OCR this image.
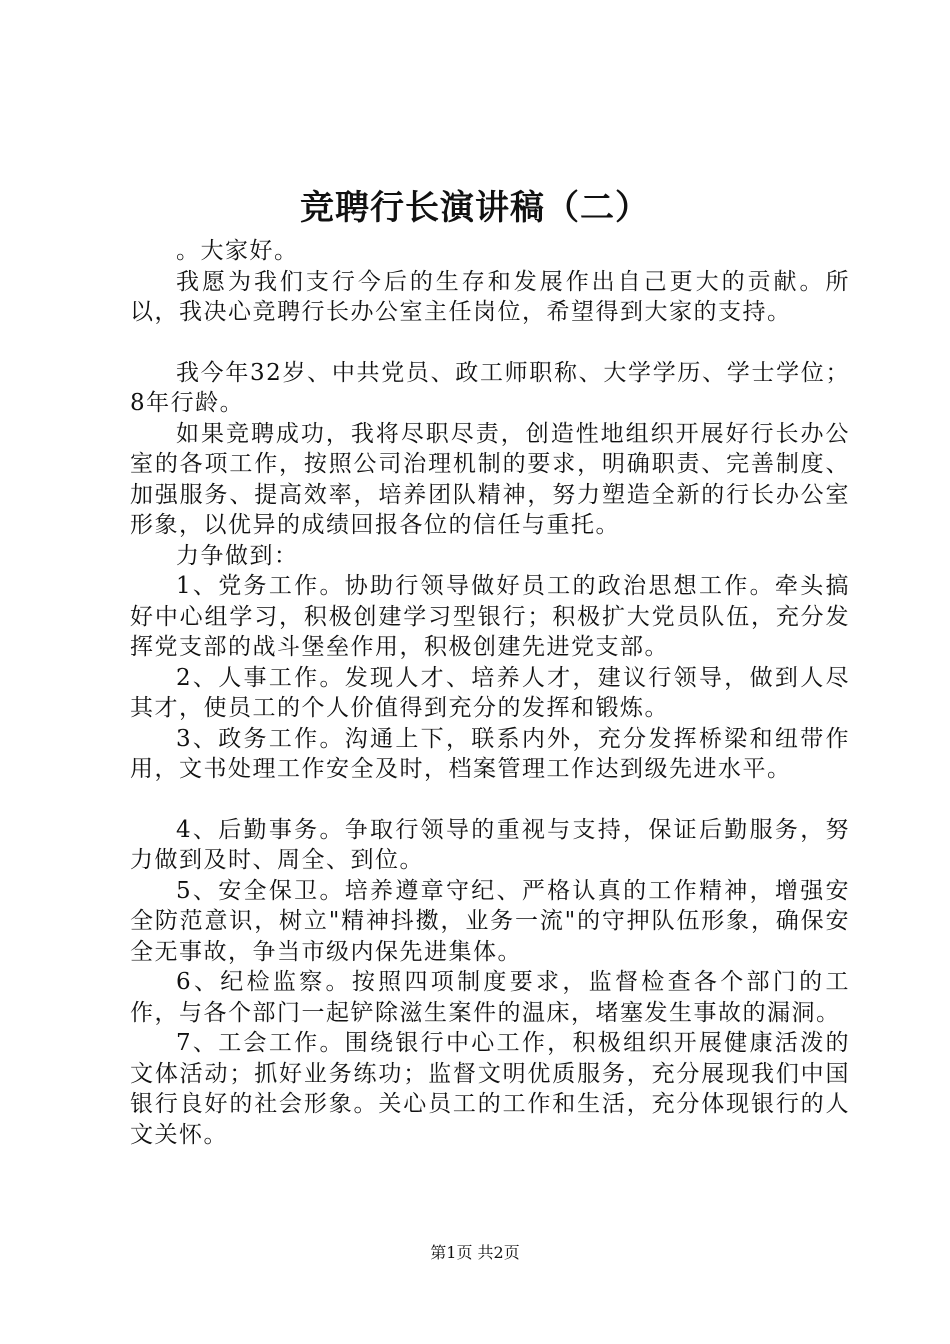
竞聘行长演讲稿（二）

。大家好。

我愿为我们支行今后的生存和发展作出自己更大的贡献。所以，我决心竞聘行长办公室主任岗位，希望得到大家的支持。

我今年32岁、中共党员、政工师职称、大学学历、学士学位；8年行龄。

如果竞聘成功，我将尽职尽责，创造性地组织开展好行长办公室的各项工作，按照公司治理机制的要求，明确职责、完善制度、加强服务、提高效率，培养团队精神，努力塑造全新的行长办公室形象，以优异的成绩回报各位的信任与重托。

力争做到：

1、党务工作。协助行领导做好员工的政治思想工作。牵头搞好中心组学习，积极创建学习型银行；积极扩大党员队伍，充分发挥党支部的战斗堡垒作用，积极创建先进党支部。

2、人事工作。发现人才、培养人才，建议行领导，做到人尽其才，使员工的个人价值得到充分的发挥和锻炼。

3、政务工作。沟通上下，联系内外，充分发挥桥梁和纽带作用，文书处理工作安全及时，档案管理工作达到级先进水平。

4、后勤事务。争取行领导的重视与支持，保证后勤服务，努力做到及时、周全、到位。

5、安全保卫。培养遵章守纪、严格认真的工作精神，增强安全防范意识，树立"精神抖擞，业务一流"的守押队伍形象，确保安全无事故，争当市级内保先进集体。

6、纪检监察。按照四项制度要求，监督检查各个部门的工作，与各个部门一起铲除滋生案件的温床，堵塞发生事故的漏洞。

7、工会工作。围绕银行中心工作，积极组织开展健康活泼的文体活动；抓好业务练功；监督文明优质服务，充分展现我们中国银行良好的社会形象。关心员工的工作和生活，充分体现银行的人文关怀。

第1页 共2页
